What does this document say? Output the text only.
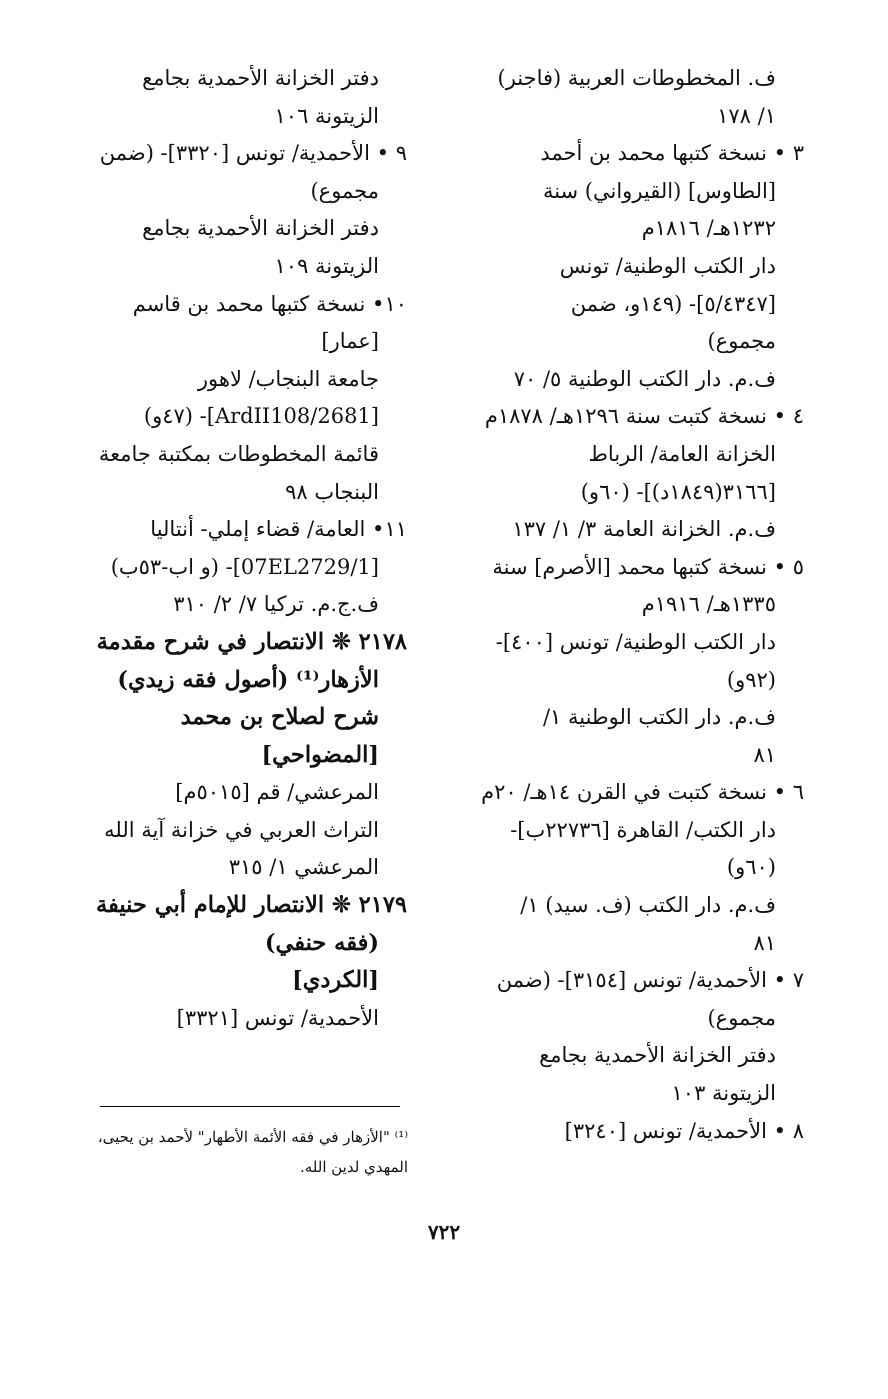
ف. المخطوطات العربية (فاجنر)
١/ ١٧٨
٣ • نسخة كتبها محمد بن أحمد
[الطاوس] (القيرواني) سنة
١٢٣٢هـ/ ١٨١٦م
دار الكتب الوطنية/ تونس
[٥/٤٣٤٧]- (١٤٩و، ضمن
مجموع)
ف.م. دار الكتب الوطنية ٥/ ٧٠
٤ • نسخة كتبت سنة ١٢٩٦هـ/ ١٨٧٨م
الخزانة العامة/ الرباط
[٣١٦٦(١٨٤٩د)]- (٦٠و)
ف.م. الخزانة العامة ٣/ ١/ ١٣٧
٥ • نسخة كتبها محمد [الأصرم] سنة
١٣٣٥هـ/ ١٩١٦م
دار الكتب الوطنية/ تونس [٤٠٠]-
(٩٢و)
ف.م. دار الكتب الوطنية ١/
٨١
٦ • نسخة كتبت في القرن ١٤هـ/ ٢٠م
دار الكتب/ القاهرة [٢٢٧٣٦ب]-
(٦٠و)
ف.م. دار الكتب (ف. سيد) ١/
٨١
٧ • الأحمدية/ تونس [٣١٥٤]- (ضمن
مجموع)
دفتر الخزانة الأحمدية بجامع
الزيتونة ١٠٣
٨ • الأحمدية/ تونس [٣٢٤٠]
دفتر الخزانة الأحمدية بجامع
الزيتونة ١٠٦
٩ • الأحمدية/ تونس [٣٣٢٠]- (ضمن
مجموع)
دفتر الخزانة الأحمدية بجامع
الزيتونة ١٠٩
١٠• نسخة كتبها محمد بن قاسم
[عمار]
جامعة البنجاب/ لاهور
[ArdII108/2681]- (٤٧و)
قائمة المخطوطات بمكتبة جامعة
البنجاب ٩٨
١١• العامة/ قضاء إملي- أنتاليا
[07EL2729/1]- (و اب-٥٣ب)
ف.ج.م. تركيا ٧/ ٢/ ٣١٠
٢١٧٨ ❊ الانتصار في شرح مقدمة
الأزهار⁽¹⁾ (أصول فقه زيدي)
شرح لصلاح بن محمد
[المضواحي]
المرعشي/ قم [٥٠١٥م]
التراث العربي في خزانة آية الله
المرعشي ١/ ٣١٥
٢١٧٩ ❊ الانتصار للإمام أبي حنيفة
(فقه حنفي)
[الكردي]
الأحمدية/ تونس [٣٣٢١]
⁽¹⁾ "الأزهار في فقه الأئمة الأطهار" لأحمد بن يحيى،
المهدي لدين الله.
٧٢٢
